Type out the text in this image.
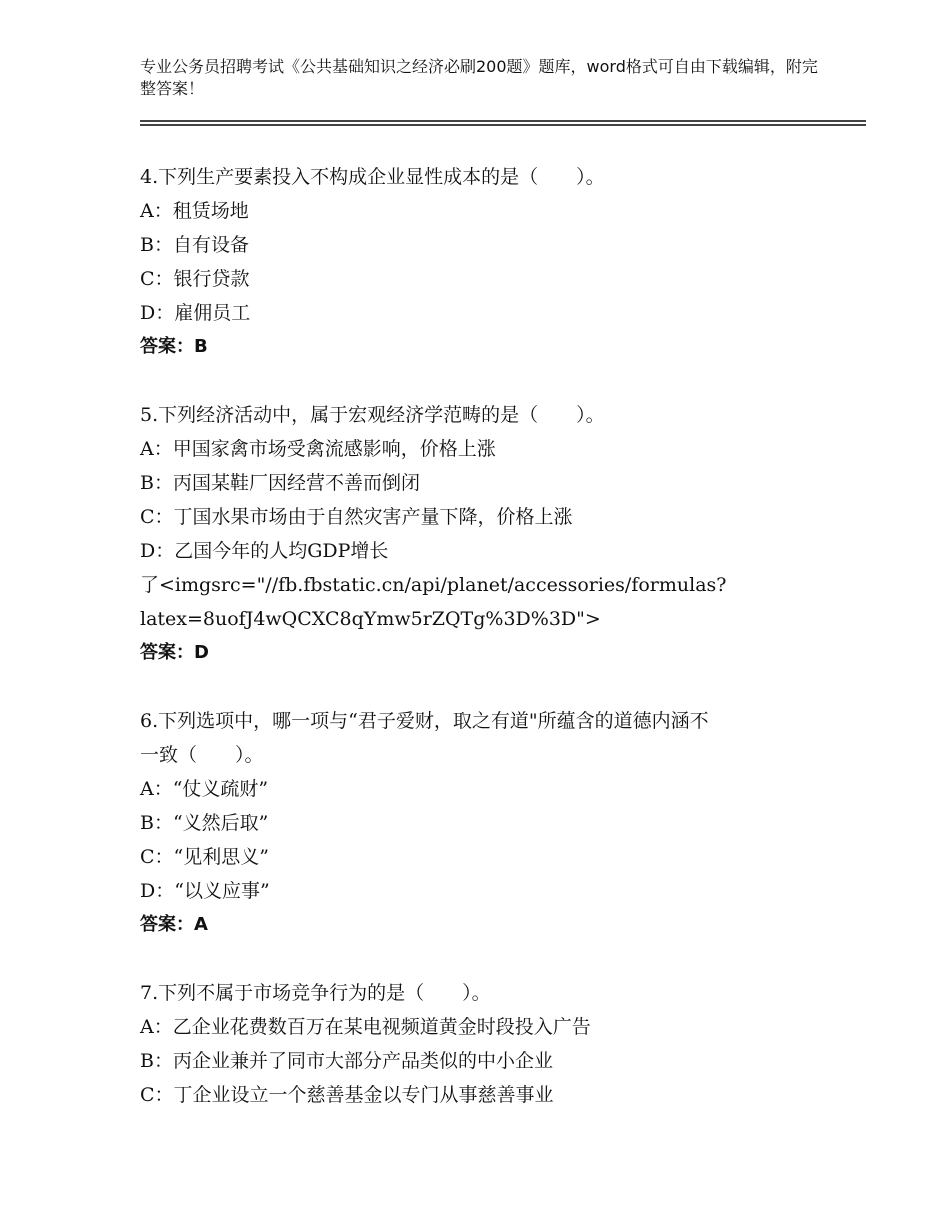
专业公务员招聘考试《公共基础知识之经济必刷200题》题库，word格式可自由下载编辑，附完整答案！
4.下列生产要素投入不构成企业显性成本的是（　　）。
A：租赁场地
B：自有设备
C：银行贷款
D：雇佣员工
答案：B
5.下列经济活动中，属于宏观经济学范畴的是（　　）。
A：甲国家禽市场受禽流感影响，价格上涨
B：丙国某鞋厂因经营不善而倒闭
C：丁国水果市场由于自然灾害产量下降，价格上涨
D：乙国今年的人均GDP增长
了<imgsrc="//fb.fbstatic.cn/api/planet/accessories/formulas?
latex=8uofJ4wQCXC8qYmw5rZQTg%3D%3D">
答案：D
6.下列选项中，哪一项与“君子爱财，取之有道"所蕴含的道德内涵不
一致（　　）。
A：“仗义疏财”
B：“义然后取”
C：“见利思义”
D：“以义应事”
答案：A
7.下列不属于市场竞争行为的是（　　）。
A：乙企业花费数百万在某电视频道黄金时段投入广告
B：丙企业兼并了同市大部分产品类似的中小企业
C：丁企业设立一个慈善基金以专门从事慈善事业
